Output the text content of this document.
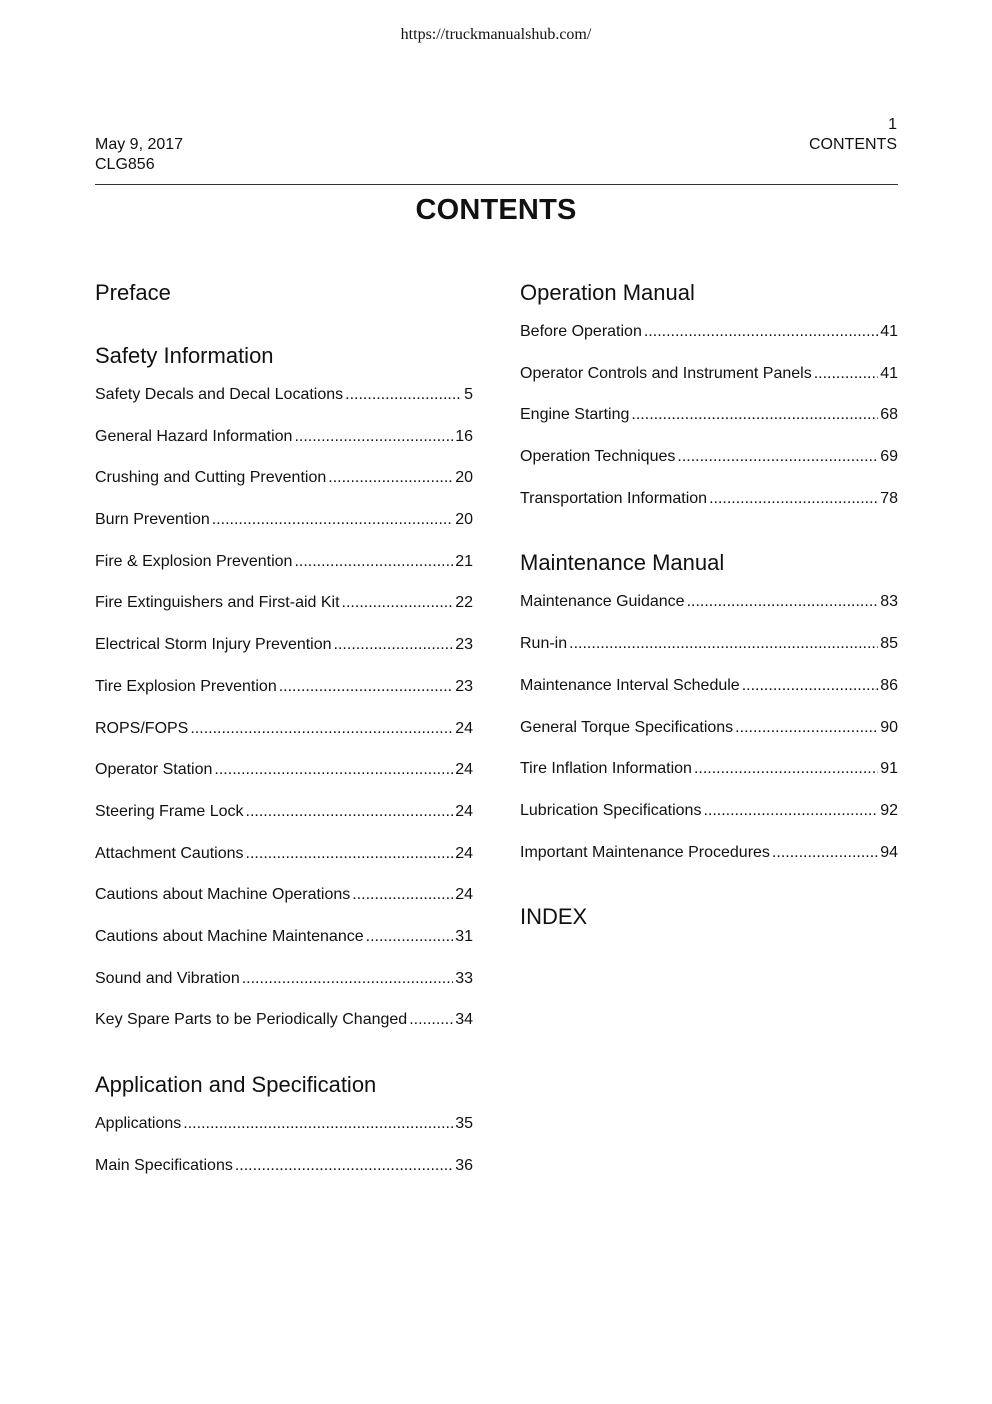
https://truckmanualshub.com/
May 9, 2017
CLG856
1
CONTENTS
CONTENTS
Preface
Safety Information
Safety Decals and Decal Locations .....	5
General Hazard Information .....	16
Crushing and Cutting Prevention .....	20
Burn Prevention .....	20
Fire & Explosion Prevention .....	21
Fire Extinguishers and First-aid Kit .....	22
Electrical Storm Injury Prevention .....	23
Tire Explosion Prevention .....	23
ROPS/FOPS .....	24
Operator Station .....	24
Steering Frame Lock .....	24
Attachment Cautions .....	24
Cautions about Machine Operations .....	24
Cautions about Machine Maintenance .....	31
Sound and Vibration .....	33
Key Spare Parts to be Periodically Changed .....	34
Application and Specification
Applications .....	35
Main Specifications .....	36
Operation Manual
Before Operation .....	41
Operator Controls and Instrument Panels .....	41
Engine Starting .....	68
Operation Techniques .....	69
Transportation Information .....	78
Maintenance Manual
Maintenance Guidance .....	83
Run-in .....	85
Maintenance Interval Schedule .....	86
General Torque Specifications .....	90
Tire Inflation Information .....	91
Lubrication Specifications .....	92
Important Maintenance Procedures .....	94
INDEX
